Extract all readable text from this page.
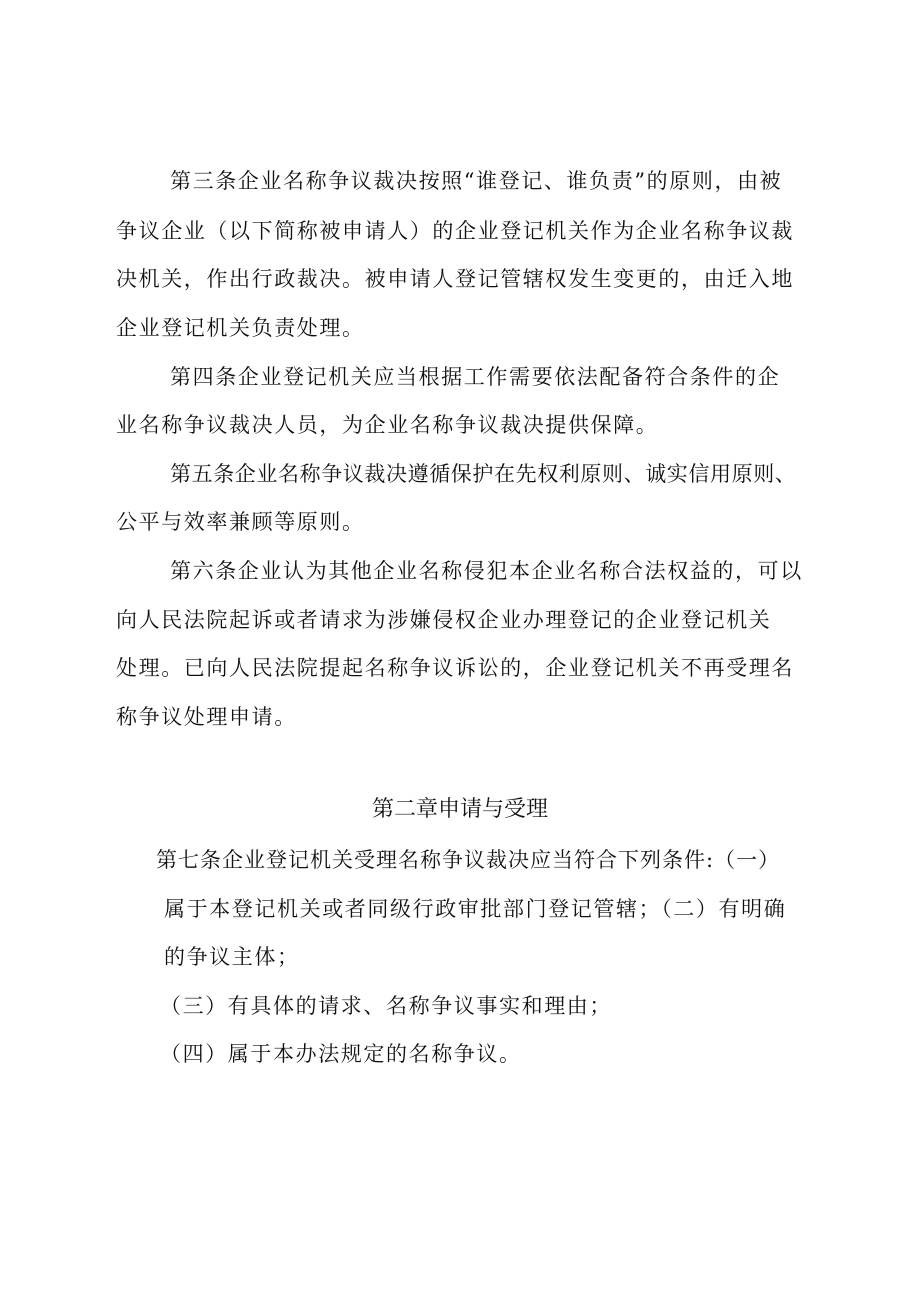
第三条企业名称争议裁决按照“谁登记、谁负责”的原则，由被
争议企业（以下简称被申请人）的企业登记机关作为企业名称争议裁
决机关，作出行政裁决。被申请人登记管辖权发生变更的，由迁入地
企业登记机关负责处理。
第四条企业登记机关应当根据工作需要依法配备符合条件的企
业名称争议裁决人员，为企业名称争议裁决提供保障。
第五条企业名称争议裁决遵循保护在先权利原则、诚实信用原则、
公平与效率兼顾等原则。
第六条企业认为其他企业名称侵犯本企业名称合法权益的，可以
向人民法院起诉或者请求为涉嫌侵权企业办理登记的企业登记机关
处理。已向人民法院提起名称争议诉讼的，企业登记机关不再受理名
称争议处理申请。
第二章申请与受理
第七条企业登记机关受理名称争议裁决应当符合下列条件:（一）
属于本登记机关或者同级行政审批部门登记管辖；（二）有明确
的争议主体；
（三）有具体的请求、名称争议事实和理由；
（四）属于本办法规定的名称争议。
